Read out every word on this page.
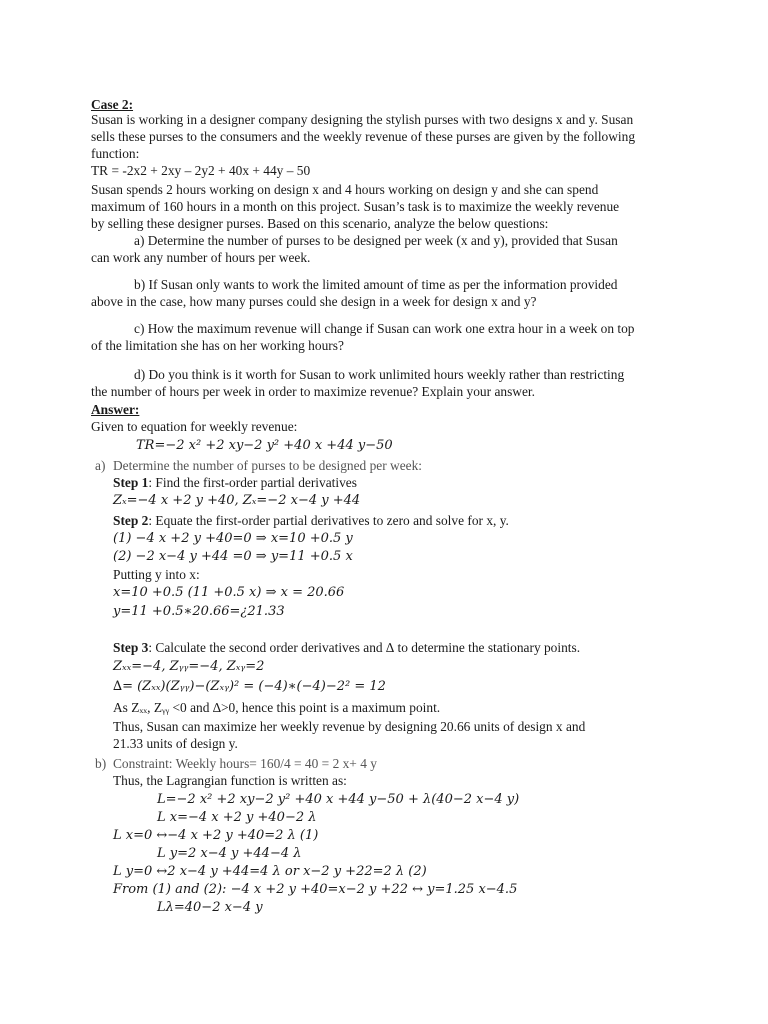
Case 2:
Susan is working in a designer company designing the stylish purses with two designs x and y. Susan
sells these purses to the consumers and the weekly revenue of these purses are given by the following
function:
TR = -2x2 + 2xy – 2y2 + 40x + 44y – 50
Susan spends 2 hours working on design x and 4 hours working on design y and she can spend
maximum of 160 hours in a month on this project. Susan’s task is to maximize the weekly revenue
by selling these designer purses. Based on this scenario, analyze the below questions:
a) Determine the number of purses to be designed per week (x and y), provided that Susan
can work any number of hours per week.
b) If Susan only wants to work the limited amount of time as per the information provided
above in the case, how many purses could she design in a week for design x and y?
c) How the maximum revenue will change if Susan can work one extra hour in a week on top
of the limitation she has on her working hours?
d) Do you think is it worth for Susan to work unlimited hours weekly rather than restricting
the number of hours per week in order to maximize revenue? Explain your answer.
Answer:
Given to equation for weekly revenue:
TR=−2 x² +2 xy−2 y² +40 x +44 y−50
a) Determine the number of purses to be designed per week:
Step 1: Find the first-order partial derivatives
Zₓ=−4 x +2 y +40, Zₓ=−2 x−4 y +44
Step 2: Equate the first-order partial derivatives to zero and solve for x, y.
(1) −4 x +2 y +40=0 ⇒ x=10 +0.5 y
(2) −2 x−4 y +44 =0 ⇒ y=11 +0.5 x
Putting y into x:
x=10 +0.5 (11 +0.5 x) ⇒ x = 20.66
y=11 +0.5∗20.66=¿21.33
Step 3: Calculate the second order derivatives and ∆ to determine the stationary points.
Zₓₓ=−4, Zᵧᵧ=−4, Zₓᵧ=2
∆= (Zₓₓ)(Zᵧᵧ)−(Zₓᵧ)² = (−4)∗(−4)−2² = 12
As Zₓₓ, Zᵧᵧ <0 and ∆>0, hence this point is a maximum point.
Thus, Susan can maximize her weekly revenue by designing 20.66 units of design x and
21.33 units of design y.
b) Constraint: Weekly hours= 160/4 = 40 = 2 x+ 4 y
Thus, the Lagrangian function is written as:
L=−2 x² +2 xy−2 y² +40 x +44 y−50 + λ(40−2 x−4 y)
L x=−4 x +2 y +40−2 λ
L x=0 ↔−4 x +2 y +40=2 λ (1)
L y=2 x−4 y +44−4 λ
L y=0 ↔2 x−4 y +44=4 λ or x−2 y +22=2 λ (2)
From (1) and (2): −4 x +2 y +40=x−2 y +22 ↔ y=1.25 x−4.5
Lλ=40−2 x−4 y
